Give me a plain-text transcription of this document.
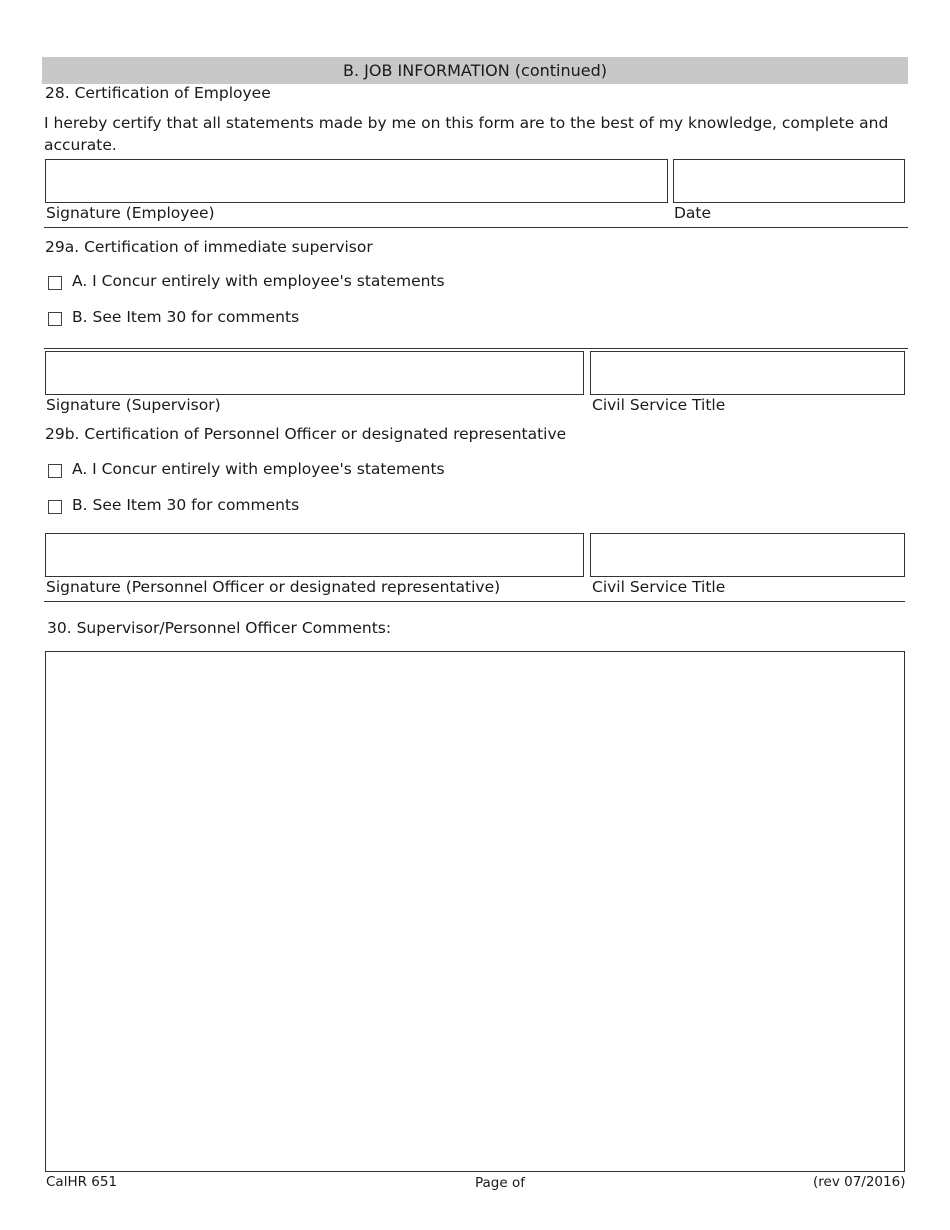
B. JOB INFORMATION (continued)
28. Certification of Employee
I hereby certify that all statements made by me on this form are to the best of my knowledge, complete and accurate.
Signature (Employee)	Date
29a. Certification of immediate supervisor
A. I Concur entirely with employee's statements
B. See Item 30 for comments
Signature (Supervisor)	Civil Service Title
29b. Certification of Personnel Officer or designated representative
A. I Concur entirely with employee's statements
B. See Item 30 for comments
Signature (Personnel Officer or designated representative)	Civil Service Title
30. Supervisor/Personnel Officer Comments:
CalHR 651	Page of	(rev 07/2016)
